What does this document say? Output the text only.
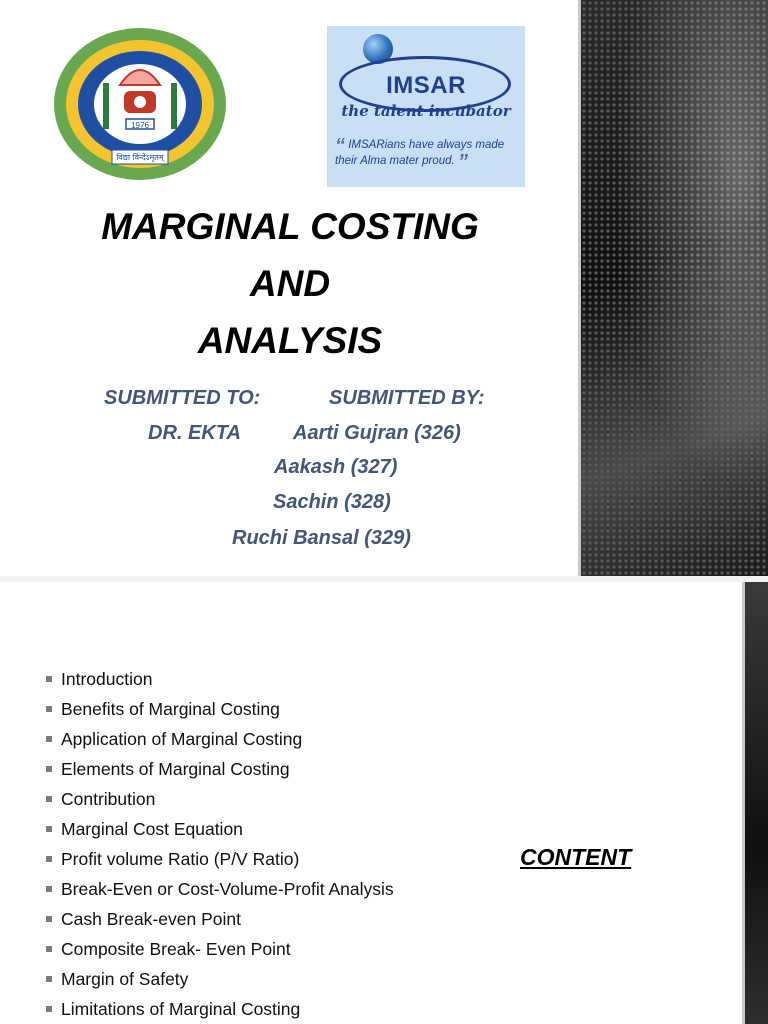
1976
विद्या विन्देऽमृतम्
IMSAR
the talent incubator
“ IMSARians have always made their Alma mater proud. ”
MARGINAL COSTING
AND
ANALYSIS
SUBMITTED TO:	SUBMITTED BY:
DR. EKTA	Aarti Gujran (326)
Aakash (327)
Sachin (328)
Ruchi Bansal (329)
Introduction
Benefits of Marginal Costing
Application of Marginal Costing
Elements of Marginal Costing
Contribution
Marginal Cost Equation
Profit volume Ratio (P/V Ratio)
Break-Even or Cost-Volume-Profit Analysis
Cash Break-even Point
Composite Break- Even Point
Margin of Safety
Limitations of Marginal Costing
CONTENT
